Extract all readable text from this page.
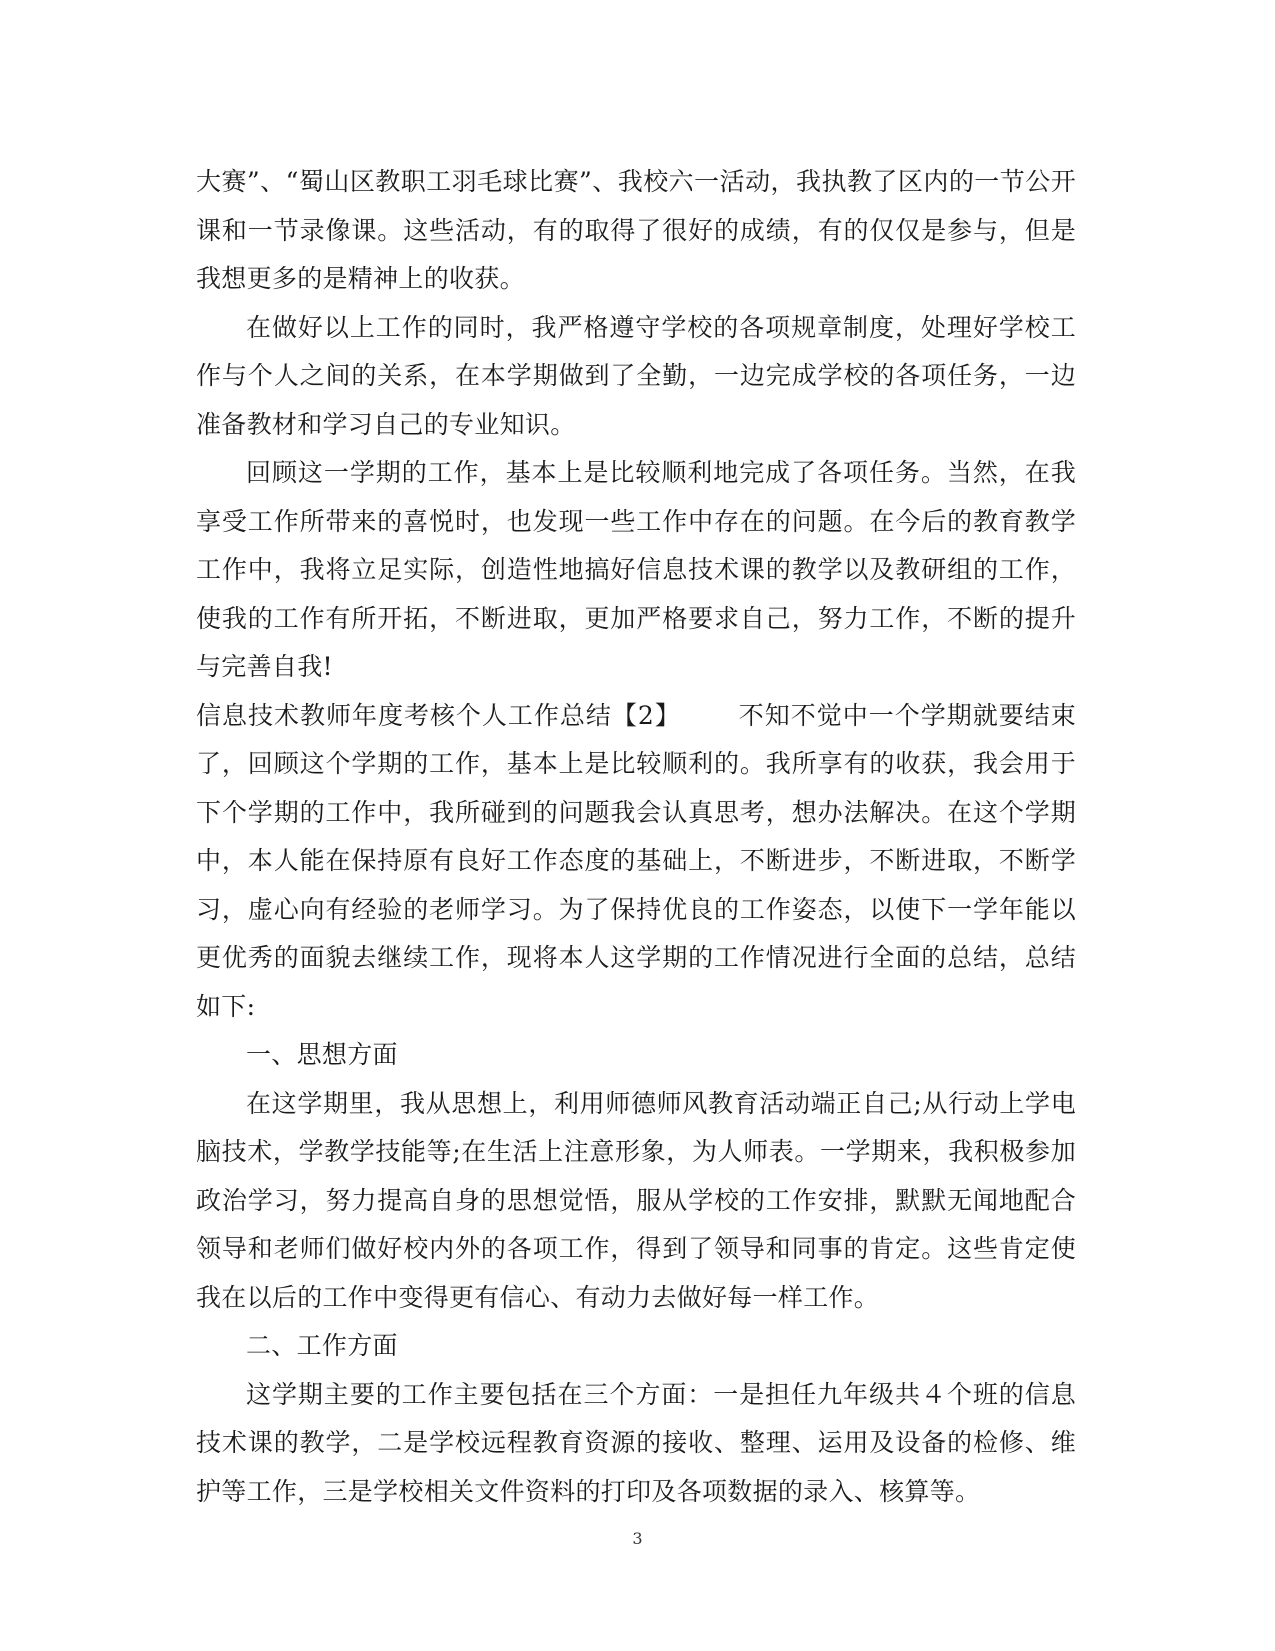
大赛”、“蜀山区教职工羽毛球比赛”、我校六一活动，我执教了区内的一节公开课和一节录像课。这些活动，有的取得了很好的成绩，有的仅仅是参与，但是我想更多的是精神上的收获。

在做好以上工作的同时，我严格遵守学校的各项规章制度，处理好学校工作与个人之间的关系，在本学期做到了全勤，一边完成学校的各项任务，一边准备教材和学习自己的专业知识。

回顾这一学期的工作，基本上是比较顺利地完成了各项任务。当然，在我享受工作所带来的喜悦时，也发现一些工作中存在的问题。在今后的教育教学工作中，我将立足实际，创造性地搞好信息技术课的教学以及教研组的工作，使我的工作有所开拓，不断进取，更加严格要求自己，努力工作，不断的提升与完善自我!

信息技术教师年度考核个人工作总结【2】 不知不觉中一个学期就要结束了，回顾这个学期的工作，基本上是比较顺利的。我所享有的收获，我会用于下个学期的工作中，我所碰到的问题我会认真思考，想办法解决。在这个学期中，本人能在保持原有良好工作态度的基础上，不断进步，不断进取，不断学习，虚心向有经验的老师学习。为了保持优良的工作姿态，以使下一学年能以更优秀的面貌去继续工作，现将本人这学期的工作情况进行全面的总结，总结如下:

一、思想方面

在这学期里，我从思想上，利用师德师风教育活动端正自己;从行动上学电脑技术，学教学技能等;在生活上注意形象，为人师表。一学期来，我积极参加政治学习，努力提高自身的思想觉悟，服从学校的工作安排，默默无闻地配合领导和老师们做好校内外的各项工作，得到了领导和同事的肯定。这些肯定使我在以后的工作中变得更有信心、有动力去做好每一样工作。

二、工作方面

这学期主要的工作主要包括在三个方面：一是担任九年级共４个班的信息技术课的教学，二是学校远程教育资源的接收、整理、运用及设备的检修、维护等工作，三是学校相关文件资料的打印及各项数据的录入、核算等。

3
